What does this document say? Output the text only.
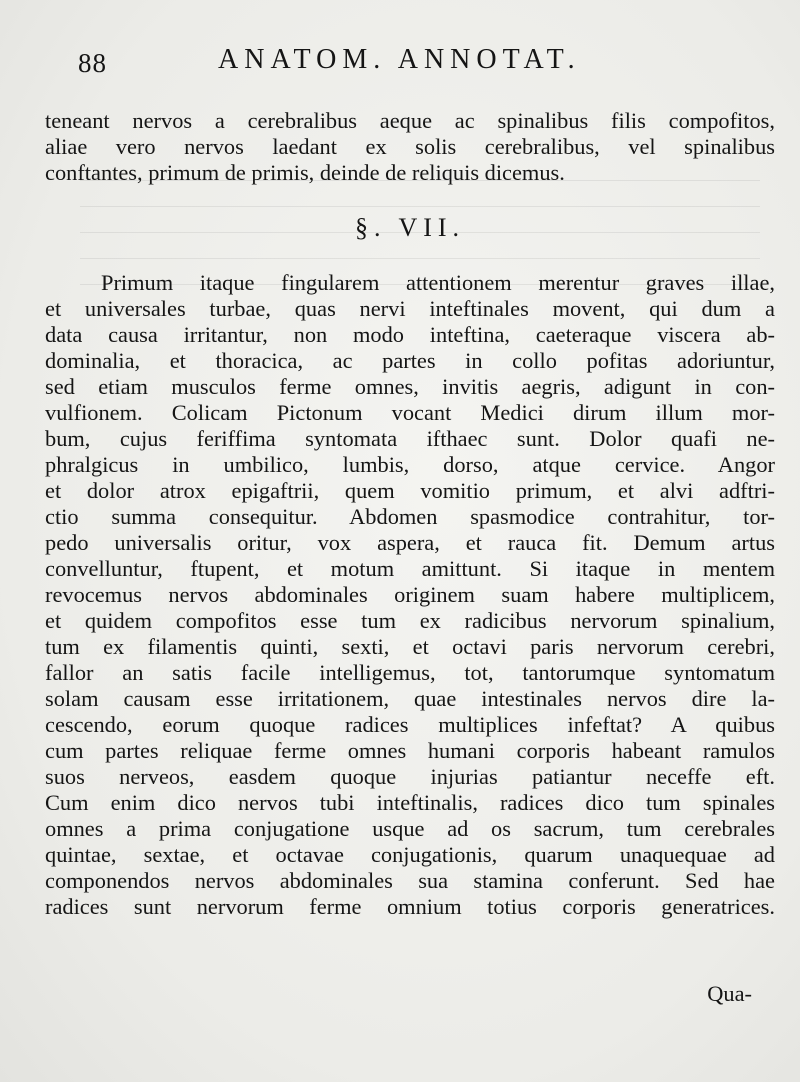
88	ANATOM. ANNOTAT.
teneant nervos a cerebralibus aeque ac spinalibus filis compofitos,
aliae vero nervos laedant ex solis cerebralibus, vel spinalibus
conftantes, primum de primis, deinde de reliquis dicemus.
§. VII.
Primum itaque fingularem attentionem merentur graves illae,
et universales turbae, quas nervi inteftinales movent, qui dum a
data causa irritantur, non modo inteftina, caeteraque viscera ab-
dominalia, et thoracica, ac partes in collo pofitas adoriuntur,
sed etiam musculos ferme omnes, invitis aegris, adigunt in con-
vulfionem. Colicam Pictonum vocant Medici dirum illum mor-
bum, cujus feriffima syntomata ifthaec sunt. Dolor quafi ne-
phralgicus in umbilico, lumbis, dorso, atque cervice. Angor
et dolor atrox epigaftrii, quem vomitio primum, et alvi adftri-
ctio summa consequitur. Abdomen spasmodice contrahitur, tor-
pedo universalis oritur, vox aspera, et rauca fit. Demum artus
convelluntur, ftupent, et motum amittunt. Si itaque in mentem
revocemus nervos abdominales originem suam habere multiplicem,
et quidem compofitos esse tum ex radicibus nervorum spinalium,
tum ex filamentis quinti, sexti, et octavi paris nervorum cerebri,
fallor an satis facile intelligemus, tot, tantorumque syntomatum
solam causam esse irritationem, quae intestinales nervos dire la-
cescendo, eorum quoque radices multiplices infeftat? A quibus
cum partes reliquae ferme omnes humani corporis habeant ramulos
suos nerveos, easdem quoque injurias patiantur neceffe eft.
Cum enim dico nervos tubi inteftinalis, radices dico tum spinales
omnes a prima conjugatione usque ad os sacrum, tum cerebrales
quintae, sextae, et octavae conjugationis, quarum unaquequae ad
componendos nervos abdominales sua stamina conferunt. Sed hae
radices sunt nervorum ferme omnium totius corporis generatrices.
Qua-
